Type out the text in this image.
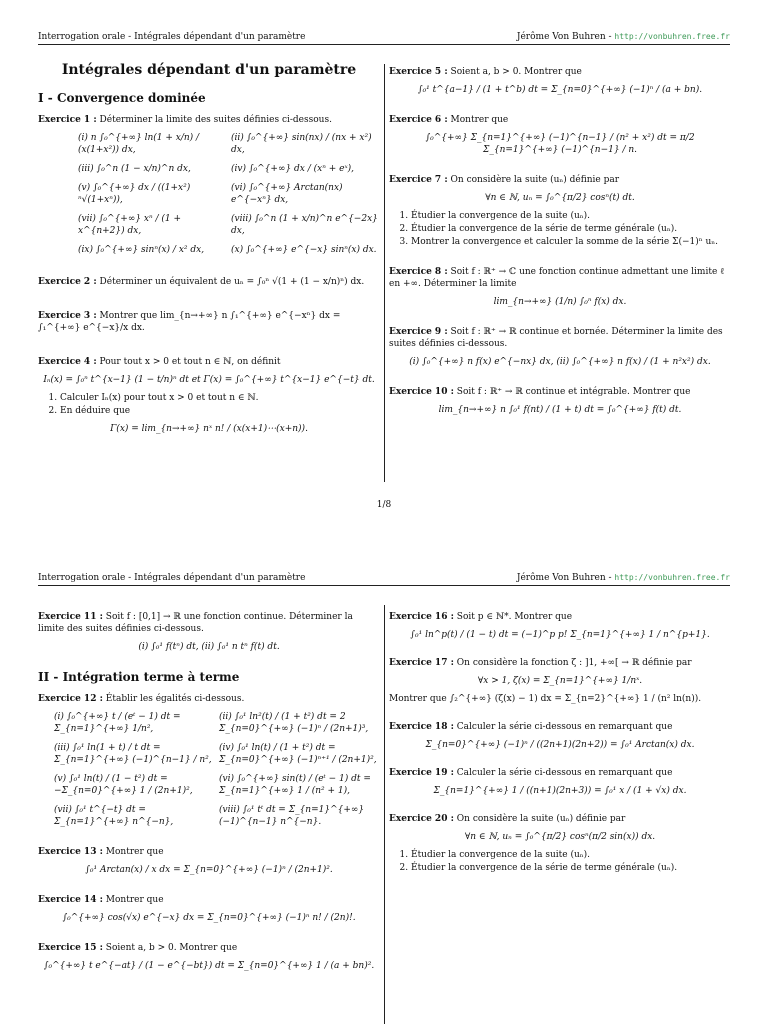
Interrogation orale - Intégrales dépendant d'un paramètre	Jérôme Von Buhren - http://vonbuhren.free.fr
Intégrales dépendant d'un paramètre
I - Convergence dominée
Exercice 1 : Déterminer la limite des suites définies ci-dessous.
(i) n ∫₀^{+∞} ln(1 + x/n) / (x(1+x²)) dx,
(ii) ∫₀^{+∞} sin(nx) / (nx + x²) dx,
(iii) ∫₀^n (1 − x/n)^n dx,	(iv) ∫₀^{+∞} dx / (xⁿ + eˣ),
(v) ∫₀^{+∞} dx / ((1+x²) ⁿ√(1+xⁿ)),
(vi) ∫₀^{+∞} Arctan(nx) e^{−xⁿ} dx,
(vii) ∫₀^{+∞} xⁿ / (1 + x^{n+2}) dx,
(viii) ∫₀^n (1 + x/n)^n e^{−2x} dx,
(ix) ∫₀^{+∞} sinⁿ(x) / x² dx,	(x) ∫₀^{+∞} e^{−x} sinⁿ(x) dx.
Exercice 2 : Déterminer un équivalent de uₙ = ∫₀ⁿ √(1 + (1 − x/n)ⁿ) dx.
Exercice 3 : Montrer que lim_{n→+∞} n ∫₁^{+∞} e^{−xⁿ} dx = ∫₁^{+∞} e^{−x}/x dx.
Exercice 4 : Pour tout x > 0 et tout n ∈ ℕ, on définit
Iₙ(x) = ∫₀ⁿ t^{x−1} (1 − t/n)ⁿ dt et Γ(x) = ∫₀^{+∞} t^{x−1} e^{−t} dt.
1. Calculer Iₙ(x) pour tout x > 0 et tout n ∈ ℕ.
2. En déduire que
Γ(x) = lim_{n→+∞} nˣ n! / (x(x+1)⋯(x+n)).
Exercice 5 : Soient a, b > 0. Montrer que
∫₀¹ t^{a−1} / (1 + t^b) dt = Σ_{n=0}^{+∞} (−1)ⁿ / (a + bn).
Exercice 6 : Montrer que
∫₀^{+∞} Σ_{n=1}^{+∞} (−1)^{n−1} / (n² + x²) dt = π/2 Σ_{n=1}^{+∞} (−1)^{n−1} / n.
Exercice 7 : On considère la suite (uₙ) définie par
∀n ∈ ℕ, uₙ = ∫₀^{π/2} cosⁿ(t) dt.
1. Étudier la convergence de la suite (uₙ).
2. Étudier la convergence de la série de terme générale (uₙ).
3. Montrer la convergence et calculer la somme de la série Σ(−1)ⁿ uₙ.
Exercice 8 : Soit f : ℝ⁺ → ℂ une fonction continue admettant une limite ℓ en +∞. Déterminer la limite
lim_{n→+∞} (1/n) ∫₀ⁿ f(x) dx.
Exercice 9 : Soit f : ℝ⁺ → ℝ continue et bornée. Déterminer la limite des suites définies ci-dessous.
(i) ∫₀^{+∞} n f(x) e^{−nx} dx, (ii) ∫₀^{+∞} n f(x) / (1 + n²x²) dx.
Exercice 10 : Soit f : ℝ⁺ → ℝ continue et intégrable. Montrer que
lim_{n→+∞} n ∫₀¹ f(nt) / (1 + t) dt = ∫₀^{+∞} f(t) dt.
1/8
Interrogation orale - Intégrales dépendant d'un paramètre	Jérôme Von Buhren - http://vonbuhren.free.fr
Exercice 11 : Soit f : [0,1] → ℝ une fonction continue. Déterminer la limite des suites définies ci-dessous.
(i) ∫₀¹ f(tⁿ) dt, (ii) ∫₀¹ n tⁿ f(t) dt.
II - Intégration terme à terme
Exercice 12 : Établir les égalités ci-dessous.
(i) ∫₀^{+∞} t / (eᵗ − 1) dt = Σ_{n=1}^{+∞} 1/n²,
(ii) ∫₀¹ ln²(t) / (1 + t²) dt = 2 Σ_{n=0}^{+∞} (−1)ⁿ / (2n+1)³,
(iii) ∫₀¹ ln(1 + t) / t dt = Σ_{n=1}^{+∞} (−1)^{n−1} / n²,
(iv) ∫₀¹ ln(t) / (1 + t²) dt = Σ_{n=0}^{+∞} (−1)ⁿ⁺¹ / (2n+1)²,
(v) ∫₀¹ ln(t) / (1 − t²) dt = −Σ_{n=0}^{+∞} 1 / (2n+1)²,
(vi) ∫₀^{+∞} sin(t) / (eᵗ − 1) dt = Σ_{n=1}^{+∞} 1 / (n² + 1),
(vii) ∫₀¹ t^{−t} dt = Σ_{n=1}^{+∞} n^{−n},
(viii) ∫₀¹ tᵗ dt = Σ_{n=1}^{+∞} (−1)^{n−1} n^{−n}.
Exercice 13 : Montrer que
∫₀¹ Arctan(x) / x dx = Σ_{n=0}^{+∞} (−1)ⁿ / (2n+1)².
Exercice 14 : Montrer que
∫₀^{+∞} cos(√x) e^{−x} dx = Σ_{n=0}^{+∞} (−1)ⁿ n! / (2n)!.
Exercice 15 : Soient a, b > 0. Montrer que
∫₀^{+∞} t e^{−at} / (1 − e^{−bt}) dt = Σ_{n=0}^{+∞} 1 / (a + bn)².
Exercice 16 : Soit p ∈ ℕ*. Montrer que
∫₀¹ ln^p(t) / (1 − t) dt = (−1)^p p! Σ_{n=1}^{+∞} 1 / n^{p+1}.
Exercice 17 : On considère la fonction ζ : ]1, +∞[ → ℝ définie par
∀x > 1, ζ(x) = Σ_{n=1}^{+∞} 1/nˣ.
Montrer que ∫₂^{+∞} (ζ(x) − 1) dx = Σ_{n=2}^{+∞} 1 / (n² ln(n)).
Exercice 18 : Calculer la série ci-dessous en remarquant que
Σ_{n=0}^{+∞} (−1)ⁿ / ((2n+1)(2n+2)) = ∫₀¹ Arctan(x) dx.
Exercice 19 : Calculer la série ci-dessous en remarquant que
Σ_{n=1}^{+∞} 1 / ((n+1)(2n+3)) = ∫₀¹ x / (1 + √x) dx.
Exercice 20 : On considère la suite (uₙ) définie par
∀n ∈ ℕ, uₙ = ∫₀^{π/2} cosⁿ(π/2 sin(x)) dx.
1. Étudier la convergence de la suite (uₙ).
2. Étudier la convergence de la série de terme générale (uₙ).
